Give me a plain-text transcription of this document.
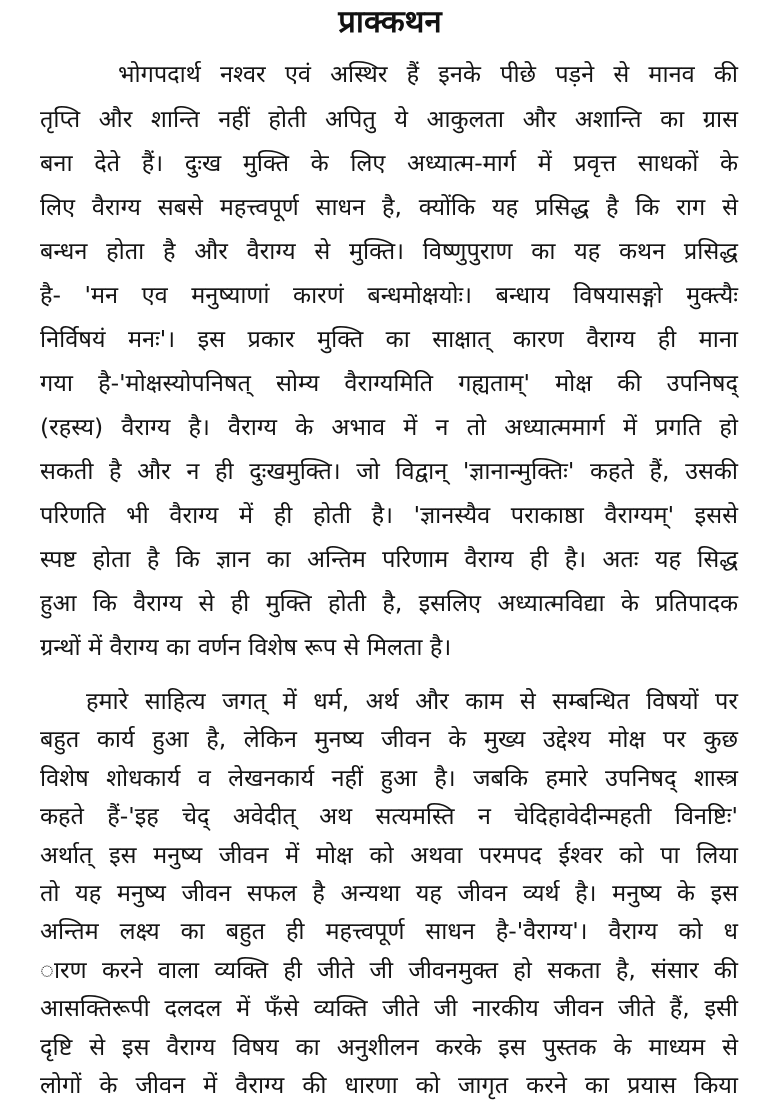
प्राक्कथन
भोगपदार्थ नश्वर एवं अस्थिर हैं इनके पीछे पड़ने से मानव की
तृप्ति और शान्ति नहीं होती अपितु ये आकुलता और अशान्ति का ग्रास
बना देते हैं। दुःख मुक्ति के लिए अध्यात्म-मार्ग में प्रवृत्त साधकों के
लिए वैराग्य सबसे महत्त्वपूर्ण साधन है, क्योंकि यह प्रसिद्ध है कि राग से
बन्धन होता है और वैराग्य से मुक्ति। विष्णुपुराण का यह कथन प्रसिद्ध
है- 'मन एव मनुष्याणां कारणं बन्धमोक्षयोः। बन्धाय विषयासङ्गो मुक्त्यैः
निर्विषयं मनः'। इस प्रकार मुक्ति का साक्षात् कारण वैराग्य ही माना
गया है-'मोक्षस्योपनिषत् सोम्य वैराग्यमिति गह्यताम्' मोक्ष की उपनिषद्
(रहस्य) वैराग्य है। वैराग्य के अभाव में न तो अध्यात्ममार्ग में प्रगति हो
सकती है और न ही दुःखमुक्ति। जो विद्वान् 'ज्ञानान्मुक्तिः' कहते हैं, उसकी
परिणति भी वैराग्य में ही होती है। 'ज्ञानस्यैव पराकाष्ठा वैराग्यम्' इससे
स्पष्ट होता है कि ज्ञान का अन्तिम परिणाम वैराग्य ही है। अतः यह सिद्ध
हुआ कि वैराग्य से ही मुक्ति होती है, इसलिए अध्यात्मविद्या के प्रतिपादक
ग्रन्थों में वैराग्य का वर्णन विशेष रूप से मिलता है।
हमारे साहित्य जगत् में धर्म, अर्थ और काम से सम्बन्धित विषयों पर
बहुत कार्य हुआ है, लेकिन मुनष्य जीवन के मुख्य उद्देश्य मोक्ष पर कुछ
विशेष शोधकार्य व लेखनकार्य नहीं हुआ है। जबकि हमारे उपनिषद् शास्त्र
कहते हैं-'इह चेद् अवेदीत् अथ सत्यमस्ति न चेदिहावेदीन्महती विनष्टिः'
अर्थात् इस मनुष्य जीवन में मोक्ष को अथवा परमपद ईश्वर को पा लिया
तो यह मनुष्य जीवन सफल है अन्यथा यह जीवन व्यर्थ है। मनुष्य के इस
अन्तिम लक्ष्य का बहुत ही महत्त्वपूर्ण साधन है-'वैराग्य'। वैराग्य को ध
ारण करने वाला व्यक्ति ही जीते जी जीवनमुक्त हो सकता है, संसार की
आसक्तिरूपी दलदल में फँसे व्यक्ति जीते जी नारकीय जीवन जीते हैं, इसी
दृष्टि से इस वैराग्य विषय का अनुशीलन करके इस पुस्तक के माध्यम से
लोगों के जीवन में वैराग्य की धारणा को जागृत करने का प्रयास किया
